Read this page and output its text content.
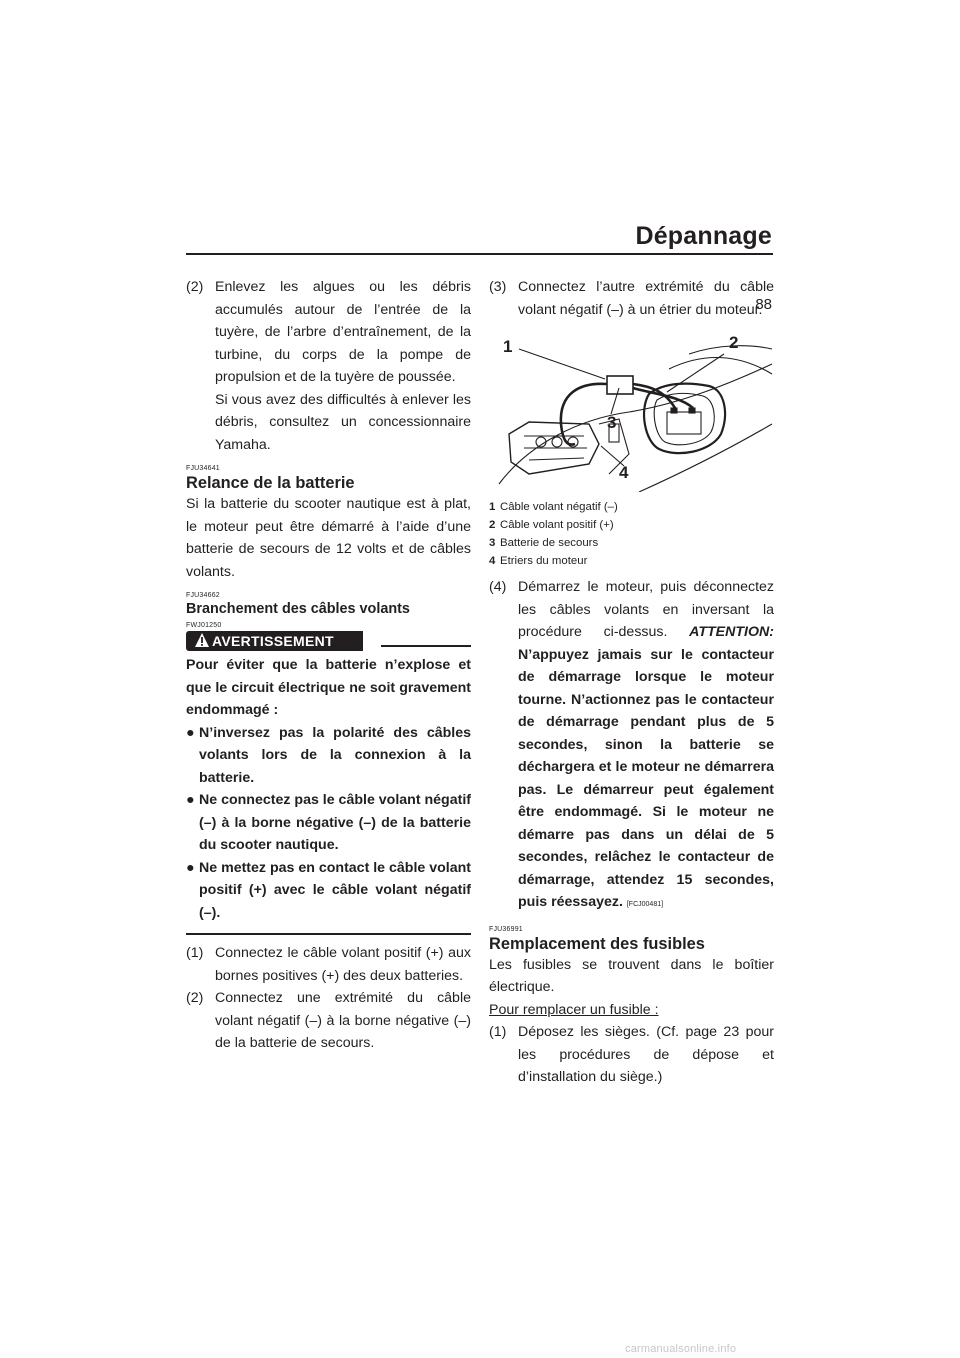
Dépannage
88
(2) Enlevez les algues ou les débris accumulés autour de l’entrée de la tuyère, de l’arbre d’entraînement, de la turbine, du corps de la pompe de propulsion et de la tuyère de poussée.

Si vous avez des difficultés à enlever les débris, consultez un concessionnaire Yamaha.

FJU34641
Relance de la batterie

Si la batterie du scooter nautique est à plat, le moteur peut être démarré à l’aide d’une batterie de secours de 12 volts et de câbles volants.

FJU34662
Branchement des câbles volants
FWJ01250
AVERTISSEMENT

Pour éviter que la batterie n’explose et que le circuit électrique ne soit gravement endommagé :

● N’inversez pas la polarité des câbles volants lors de la connexion à la batterie.
● Ne connectez pas le câble volant négatif (–) à la borne négative (–) de la batterie du scooter nautique.
● Ne mettez pas en contact le câble volant positif (+) avec le câble volant négatif (–).
(1) Connectez le câble volant positif (+) aux bornes positives (+) des deux batteries.

(2) Connectez une extrémité du câble volant négatif (–) à la borne négative (–) de la batterie de secours.

(3) Connectez l’autre extrémité du câble volant négatif (–) à un étrier du moteur.

1	2
3
4
1 Câble volant négatif (–)
2 Câble volant positif (+)
3 Batterie de secours
4 Etriers du moteur
(4) Démarrez le moteur, puis déconnectez les câbles volants en inversant la procédure ci-dessus. ATTENTION: N’appuyez jamais sur le contacteur de démarrage lorsque le moteur tourne. N’actionnez pas le contacteur de démarrage pendant plus de 5 secondes, sinon la batterie se déchargera et le moteur ne démarrera pas. Le démarreur peut également être endommagé. Si le moteur ne démarre pas dans un délai de 5 secondes, relâchez le contacteur de démarrage, attendez 15 secondes, puis réessayez. [FCJ00481]

FJU36991
Remplacement des fusibles

Les fusibles se trouvent dans le boîtier électrique.

Pour remplacer un fusible :

(1) Déposez les sièges. (Cf. page 23 pour les procédures de dépose et d’installation du siège.)

carmanualsonline.info
